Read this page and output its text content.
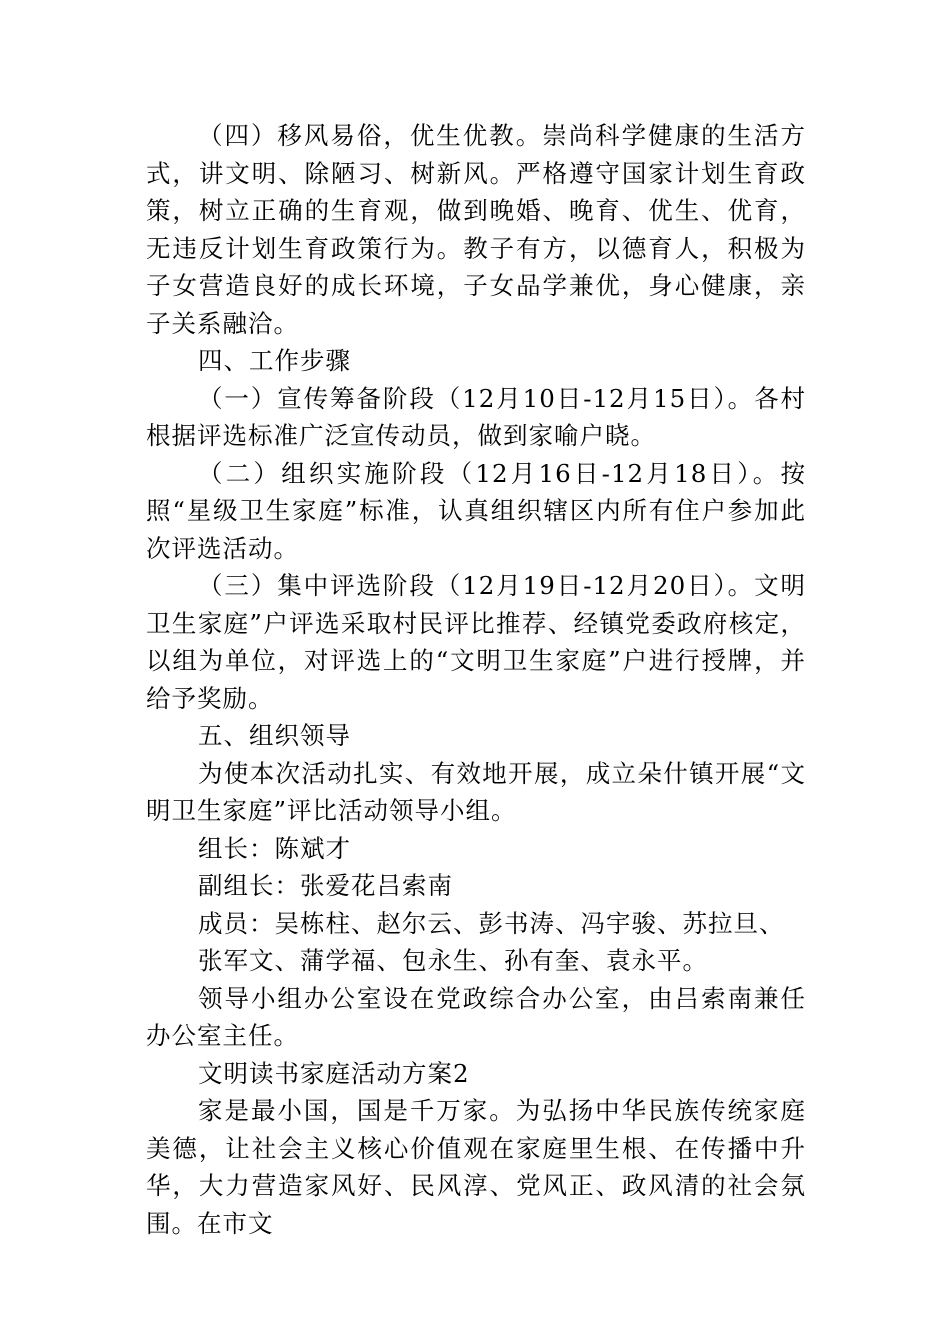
（四）移风易俗，优生优教。崇尚科学健康的生活方式，讲文明、除陋习、树新风。严格遵守国家计划生育政策，树立正确的生育观，做到晚婚、晚育、优生、优育，无违反计划生育政策行为。教子有方，以德育人，积极为子女营造良好的成长环境，子女品学兼优，身心健康，亲子关系融洽。

四、工作步骤

（一）宣传筹备阶段（12月10日-12月15日）。各村根据评选标准广泛宣传动员，做到家喻户晓。

（二）组织实施阶段（12月16日-12月18日）。按照“星级卫生家庭”标准，认真组织辖区内所有住户参加此次评选活动。

（三）集中评选阶段（12月19日-12月20日）。文明卫生家庭”户评选采取村民评比推荐、经镇党委政府核定，以组为单位，对评选上的“文明卫生家庭”户进行授牌，并给予奖励。

五、组织领导

为使本次活动扎实、有效地开展，成立朵什镇开展“文明卫生家庭”评比活动领导小组。

组长：陈斌才

副组长：张爱花吕索南

成员：吴栋柱、赵尔云、彭书涛、冯宇骏、苏拉旦、

张军文、蒲学福、包永生、孙有奎、袁永平。

领导小组办公室设在党政综合办公室，由吕索南兼任办公室主任。

文明读书家庭活动方案2

家是最小国，国是千万家。为弘扬中华民族传统家庭美德，让社会主义核心价值观在家庭里生根、在传播中升华，大力营造家风好、民风淳、党风正、政风清的社会氛围。在市文
